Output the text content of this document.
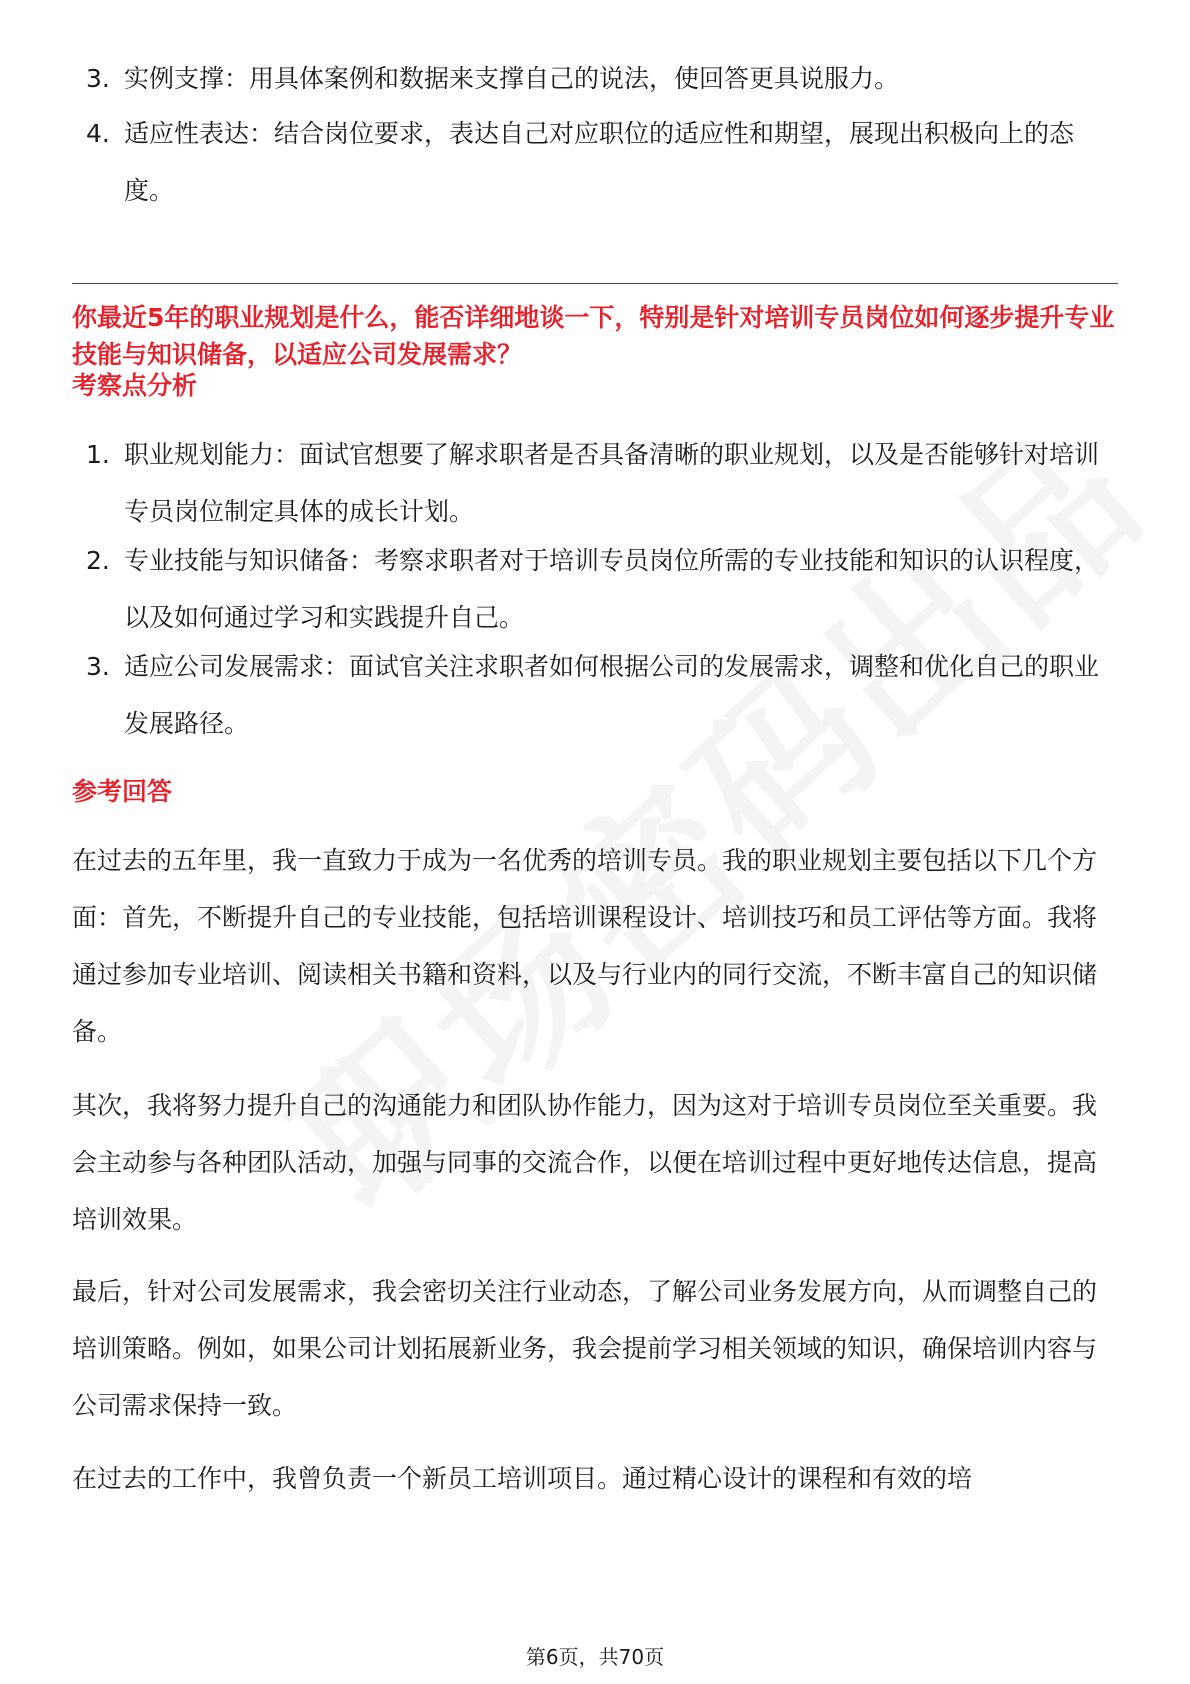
3. 实例支撑：用具体案例和数据来支撑自己的说法，使回答更具说服力。
4. 适应性表达：结合岗位要求，表达自己对应职位的适应性和期望，展现出积极向上的态度。
你最近5年的职业规划是什么，能否详细地谈一下，特别是针对培训专员岗位如何逐步提升专业技能与知识储备，以适应公司发展需求？
考察点分析
1. 职业规划能力：面试官想要了解求职者是否具备清晰的职业规划，以及是否能够针对培训专员岗位制定具体的成长计划。
2. 专业技能与知识储备：考察求职者对于培训专员岗位所需的专业技能和知识的认识程度，以及如何通过学习和实践提升自己。
3. 适应公司发展需求：面试官关注求职者如何根据公司的发展需求，调整和优化自己的职业发展路径。
参考回答
在过去的五年里，我一直致力于成为一名优秀的培训专员。我的职业规划主要包括以下几个方面：首先，不断提升自己的专业技能，包括培训课程设计、培训技巧和员工评估等方面。我将通过参加专业培训、阅读相关书籍和资料，以及与行业内的同行交流，不断丰富自己的知识储备。
其次，我将努力提升自己的沟通能力和团队协作能力，因为这对于培训专员岗位至关重要。我会主动参与各种团队活动，加强与同事的交流合作，以便在培训过程中更好地传达信息，提高培训效果。
最后，针对公司发展需求，我会密切关注行业动态，了解公司业务发展方向，从而调整自己的培训策略。例如，如果公司计划拓展新业务，我会提前学习相关领域的知识，确保培训内容与公司需求保持一致。
在过去的工作中，我曾负责一个新员工培训项目。通过精心设计的课程和有效的培
第6页，共70页
